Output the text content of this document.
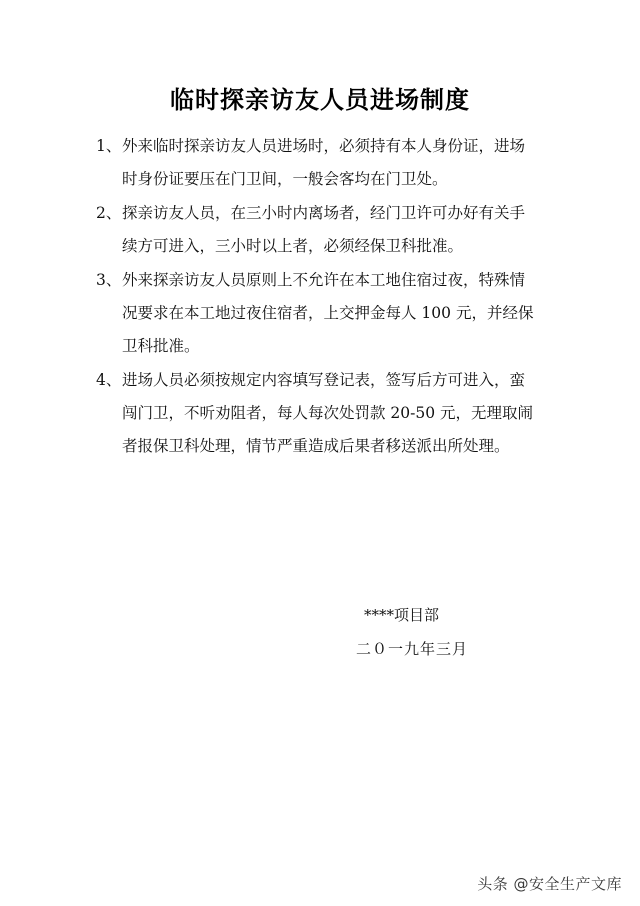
临时探亲访友人员进场制度
1、 外来临时探亲访友人员进场时，必须持有本人身份证，进场时身份证要压在门卫间，一般会客均在门卫处。
2、 探亲访友人员，在三小时内离场者，经门卫许可办好有关手续方可进入，三小时以上者，必须经保卫科批准。
3、 外来探亲访友人员原则上不允许在本工地住宿过夜，特殊情况要求在本工地过夜住宿者，上交押金每人 100 元，并经保卫科批准。
4、 进场人员必须按规定内容填写登记表，签写后方可进入，蛮闯门卫，不听劝阻者，每人每次处罚款 20-50 元，无理取闹者报保卫科处理，情节严重造成后果者移送派出所处理。
****项目部
二０一九年三月
头条 @安全生产文库
